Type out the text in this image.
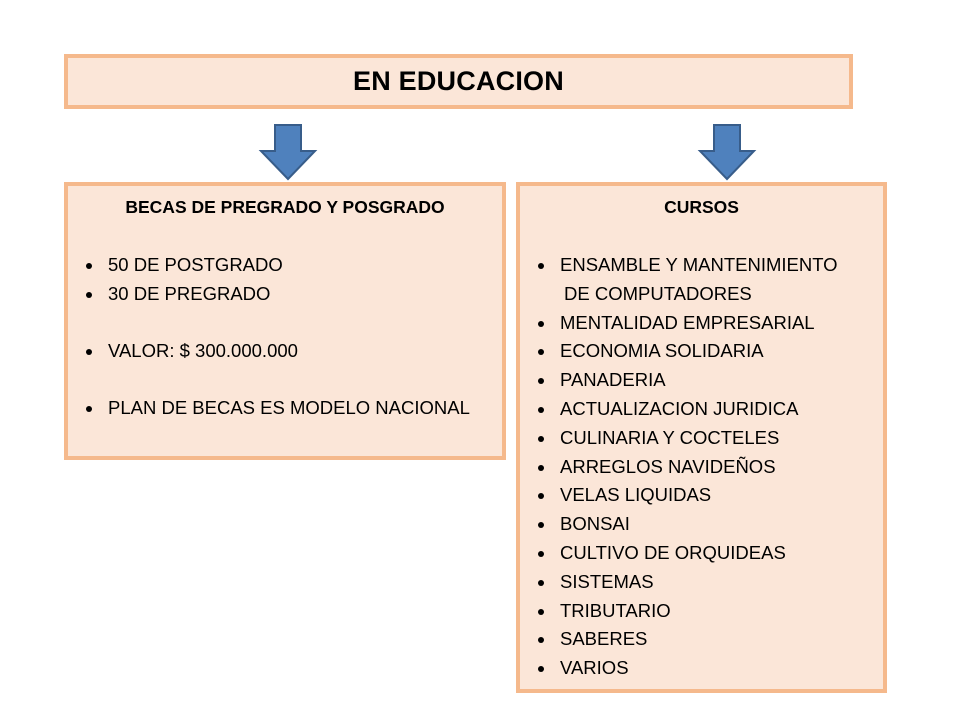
EN EDUCACION
BECAS DE PREGRADO Y POSGRADO
50 DE POSTGRADO
30 DE PREGRADO
VALOR: $ 300.000.000
PLAN DE BECAS ES MODELO NACIONAL
CURSOS
ENSAMBLE Y MANTENIMIENTO
DE COMPUTADORES
MENTALIDAD EMPRESARIAL
ECONOMIA SOLIDARIA
PANADERIA
ACTUALIZACION JURIDICA
CULINARIA Y COCTELES
ARREGLOS NAVIDEÑOS
VELAS LIQUIDAS
BONSAI
CULTIVO DE ORQUIDEAS
SISTEMAS
TRIBUTARIO
SABERES
VARIOS
